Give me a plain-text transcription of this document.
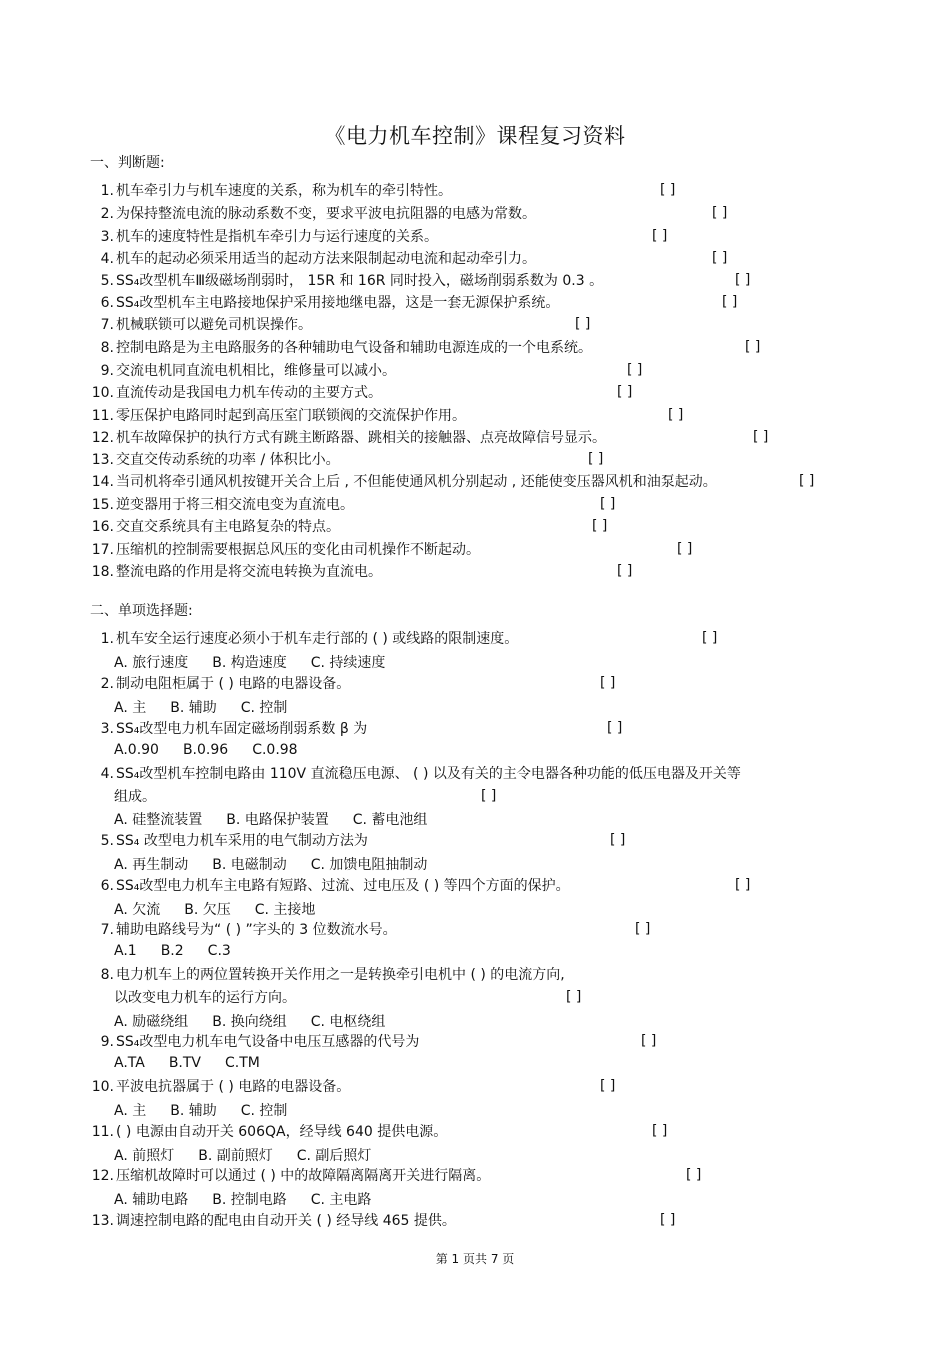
《电力机车控制》课程复习资料
一、判断题:
1. 机车牵引力与机车速度的关系，称为机车的牵引特性。	[ ]
2. 为保持整流电流的脉动系数不变，要求平波电抗阻器的电感为常数。	[ ]
3. 机车的速度特性是指机车牵引力与运行速度的关系。	[ ]
4. 机车的起动必须采用适当的起动方法来限制起动电流和起动牵引力。	[ ]
5. SS₄改型机车Ⅲ级磁场削弱时， 15R 和 16R 同时投入，磁场削弱系数为 0.3 。	[ ]
6. SS₄改型机车主电路接地保护采用接地继电器，这是一套无源保护系统。	[ ]
7. 机械联锁可以避免司机误操作。	[ ]
8. 控制电路是为主电路服务的各种辅助电气设备和辅助电源连成的一个电系统。	[ ]
9. 交流电机同直流电机相比，维修量可以减小。	[ ]
10. 直流传动是我国电力机车传动的主要方式。	[ ]
11. 零压保护电路同时起到高压室门联锁阀的交流保护作用。	[ ]
12. 机车故障保护的执行方式有跳主断路器、跳相关的接触器、点亮故障信号显示。	[ ]
13. 交直交传动系统的功率 / 体积比小。	[ ]
14. 当司机将牵引通风机按键开关合上后 , 不但能使通风机分别起动 , 还能使变压器风机和油泵起动。	[ ]
15. 逆变器用于将三相交流电变为直流电。	[ ]
16. 交直交系统具有主电路复杂的特点。	[ ]
17. 压缩机的控制需要根据总风压的变化由司机操作不断起动。	[ ]
18. 整流电路的作用是将交流电转换为直流电。	[ ]
二、单项选择题:
1. 机车安全运行速度必须小于机车走行部的 ( ) 或线路的限制速度。	[ ]
A. 旅行速度 B. 构造速度 C. 持续速度
2. 制动电阻柜属于 ( ) 电路的电器设备。	[ ]
A. 主 B. 辅助 C. 控制
3. SS₄改型电力机车固定磁场削弱系数 β 为	[ ]
A.0.90 B.0.96 C.0.98
4. SS₄改型机车控制电路由 110V 直流稳压电源、 ( ) 以及有关的主令电器各种功能的低压电器及开关等
组成。	[ ]
A. 硅整流装置 B. 电路保护装置 C. 蓄电池组
5. SS₄ 改型电力机车采用的电气制动方法为	[ ]
A. 再生制动 B. 电磁制动 C. 加馈电阻抽制动
6. SS₄改型电力机车主电路有短路、过流、过电压及 ( ) 等四个方面的保护。	[ ]
A. 欠流 B. 欠压 C. 主接地
7. 辅助电路线号为“ ( ) ”字头的 3 位数流水号。	[ ]
A.1 B.2 C.3
8. 电力机车上的两位置转换开关作用之一是转换牵引电机中 ( ) 的电流方向,
以改变电力机车的运行方向。	[ ]
A. 励磁绕组 B. 换向绕组 C. 电枢绕组
9. SS₄改型电力机车电气设备中电压互感器的代号为	[ ]
A.TA B.TV C.TM
10. 平波电抗器属于 ( ) 电路的电器设备。	[ ]
A. 主 B. 辅助 C. 控制
11. ( ) 电源由自动开关 606QA，经导线 640 提供电源。	[ ]
A. 前照灯 B. 副前照灯 C. 副后照灯
12. 压缩机故障时可以通过 ( ) 中的故障隔离隔离开关进行隔离。	[ ]
A. 辅助电路 B. 控制电路 C. 主电路
13. 调速控制电路的配电由自动开关 ( ) 经导线 465 提供。	[ ]
第 1 页共 7 页
